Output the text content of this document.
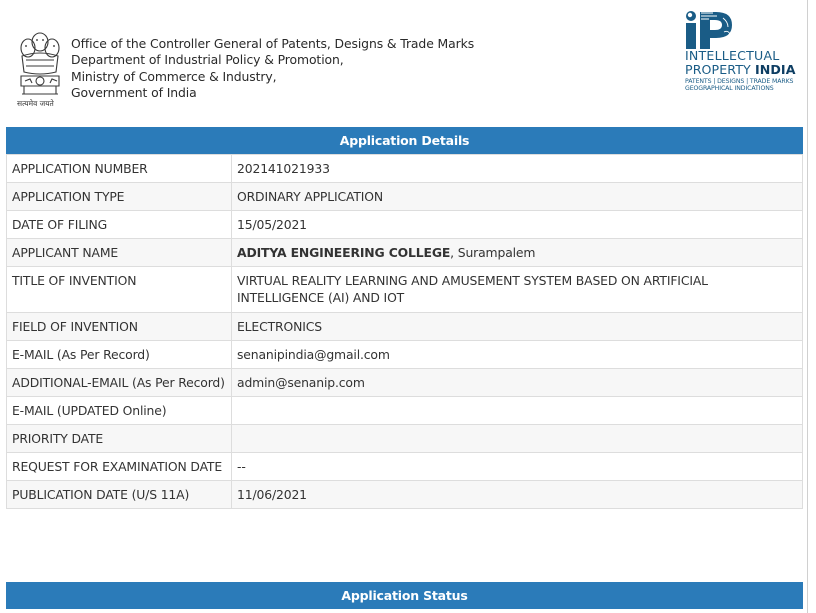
सत्यमेव जयते
Office of the Controller General of Patents, Designs & Trade Marks
Department of Industrial Policy & Promotion,
Ministry of Commerce & Industry,
Government of India
INTELLECTUAL
PROPERTY INDIA
PATENTS | DESIGNS | TRADE MARKS
GEOGRAPHICAL INDICATIONS
Application Details
APPLICATION NUMBER	202141021933
APPLICATION TYPE	ORDINARY APPLICATION
DATE OF FILING	15/05/2021
APPLICANT NAME	ADITYA ENGINEERING COLLEGE, Surampalem
TITLE OF INVENTION	VIRTUAL REALITY LEARNING AND AMUSEMENT SYSTEM BASED ON ARTIFICIAL INTELLIGENCE (AI) AND IOT
FIELD OF INVENTION	ELECTRONICS
E-MAIL (As Per Record)	senanipindia@gmail.com
ADDITIONAL-EMAIL (As Per Record)	admin@senanip.com
E-MAIL (UPDATED Online)	
PRIORITY DATE	
REQUEST FOR EXAMINATION DATE	--
PUBLICATION DATE (U/S 11A)	11/06/2021
Application Status
